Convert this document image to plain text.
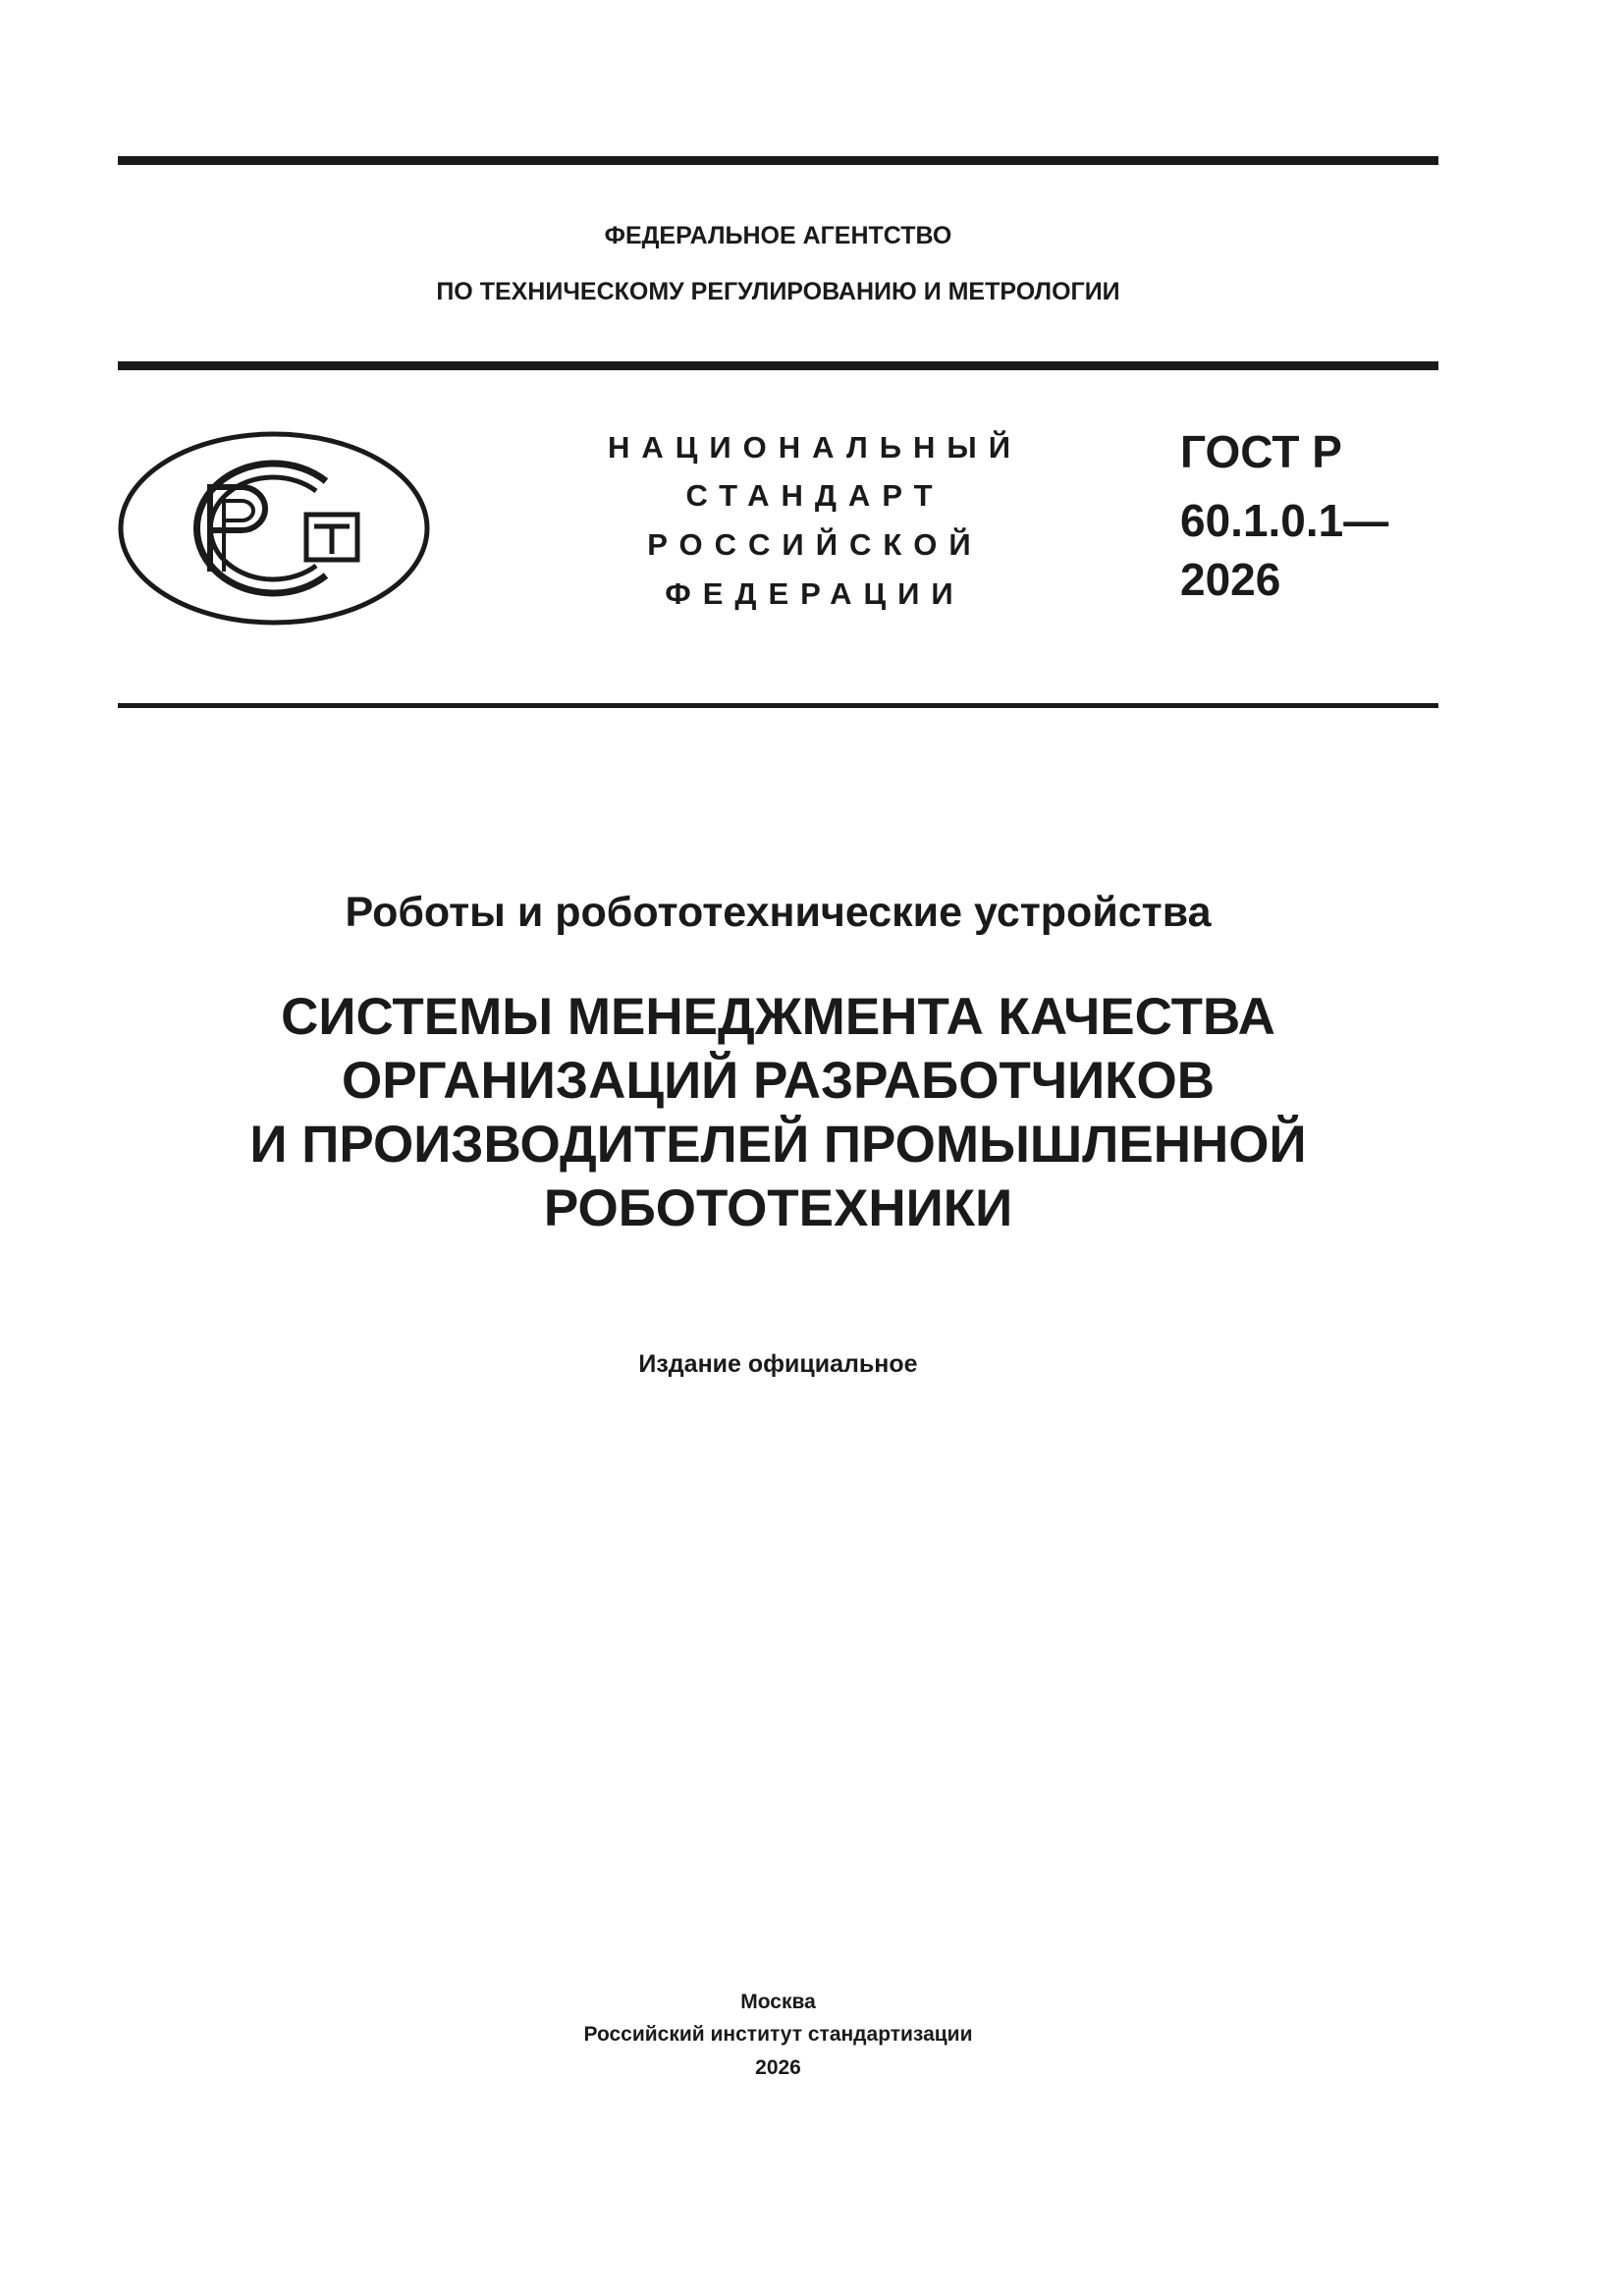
ФЕДЕРАЛЬНОЕ АГЕНТСТВО
ПО ТЕХНИЧЕСКОМУ РЕГУЛИРОВАНИЮ И МЕТРОЛОГИИ
НАЦИОНАЛЬНЫЙ
СТАНДАРТ
РОССИЙСКОЙ
ФЕДЕРАЦИИ
ГОСТ Р
60.1.0.1—
2026
Роботы и робототехнические устройства
СИСТЕМЫ МЕНЕДЖМЕНТА КАЧЕСТВА
ОРГАНИЗАЦИЙ РАЗРАБОТЧИКОВ
И ПРОИЗВОДИТЕЛЕЙ ПРОМЫШЛЕННОЙ
РОБОТОТЕХНИКИ
Издание официальное
Москва
Российский институт стандартизации
2026
